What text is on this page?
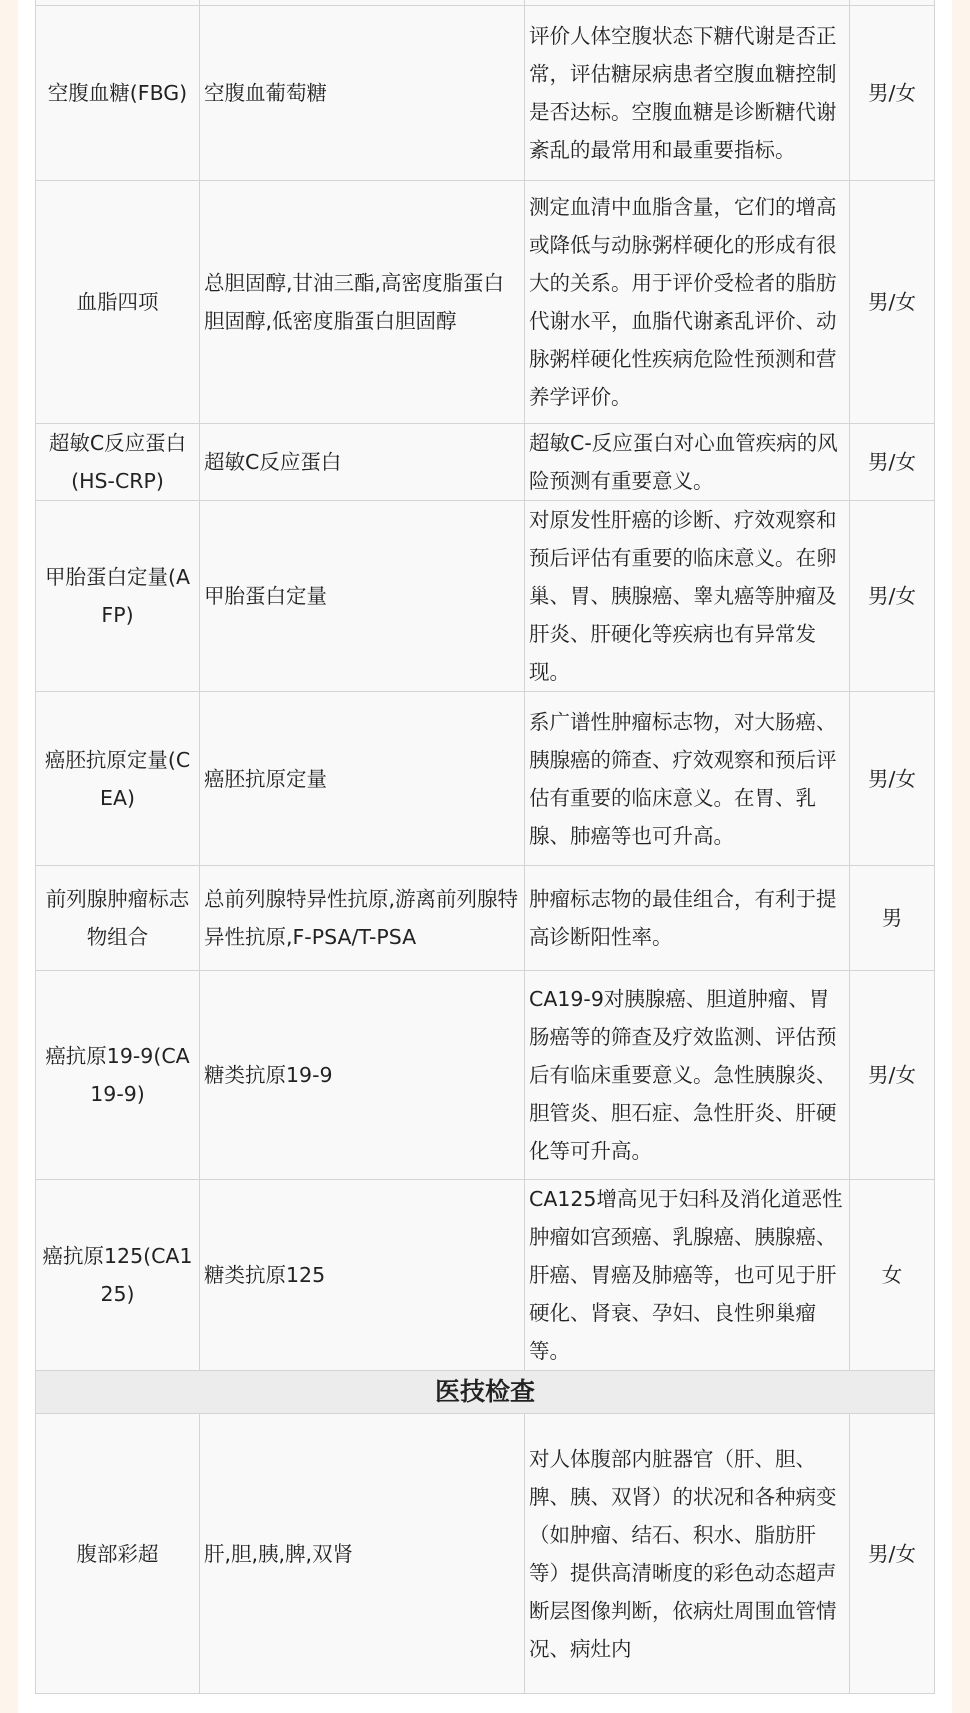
空腹血糖(FBG)	空腹血葡萄糖	评价人体空腹状态下糖代谢是否正常，评估糖尿病患者空腹血糖控制是否达标。空腹血糖是诊断糖代谢紊乱的最常用和最重要指标。	男/女
血脂四项	总胆固醇,甘油三酯,高密度脂蛋白胆固醇,低密度脂蛋白胆固醇	测定血清中血脂含量，它们的增高或降低与动脉粥样硬化的形成有很大的关系。用于评价受检者的脂肪代谢水平，血脂代谢紊乱评价、动脉粥样硬化性疾病危险性预测和营养学评价。	男/女
超敏C反应蛋白(HS-CRP)	超敏C反应蛋白	超敏C-反应蛋白对心血管疾病的风险预测有重要意义。	男/女
甲胎蛋白定量(AFP)	甲胎蛋白定量	对原发性肝癌的诊断、疗效观察和预后评估有重要的临床意义。在卵巢、胃、胰腺癌、睾丸癌等肿瘤及肝炎、肝硬化等疾病也有异常发现。	男/女
癌胚抗原定量(CEA)	癌胚抗原定量	系广谱性肿瘤标志物，对大肠癌、胰腺癌的筛查、疗效观察和预后评估有重要的临床意义。在胃、乳腺、肺癌等也可升高。	男/女
前列腺肿瘤标志物组合	总前列腺特异性抗原,游离前列腺特异性抗原,F-PSA/T-PSA	肿瘤标志物的最佳组合，有利于提高诊断阳性率。	男
癌抗原19-9(CA19-9)	糖类抗原19-9	CA19-9对胰腺癌、胆道肿瘤、胃肠癌等的筛查及疗效监测、评估预后有临床重要意义。急性胰腺炎、胆管炎、胆石症、急性肝炎、肝硬化等可升高。	男/女
癌抗原125(CA125)	糖类抗原125	CA125增高见于妇科及消化道恶性肿瘤如宫颈癌、乳腺癌、胰腺癌、肝癌、胃癌及肺癌等，也可见于肝硬化、肾衰、孕妇、良性卵巢瘤等。	女
医技检查			
腹部彩超	肝,胆,胰,脾,双肾	对人体腹部内脏器官（肝、胆、脾、胰、双肾）的状况和各种病变（如肿瘤、结石、积水、脂肪肝等）提供高清晰度的彩色动态超声断层图像判断，依病灶周围血管情况、病灶内	男/女
